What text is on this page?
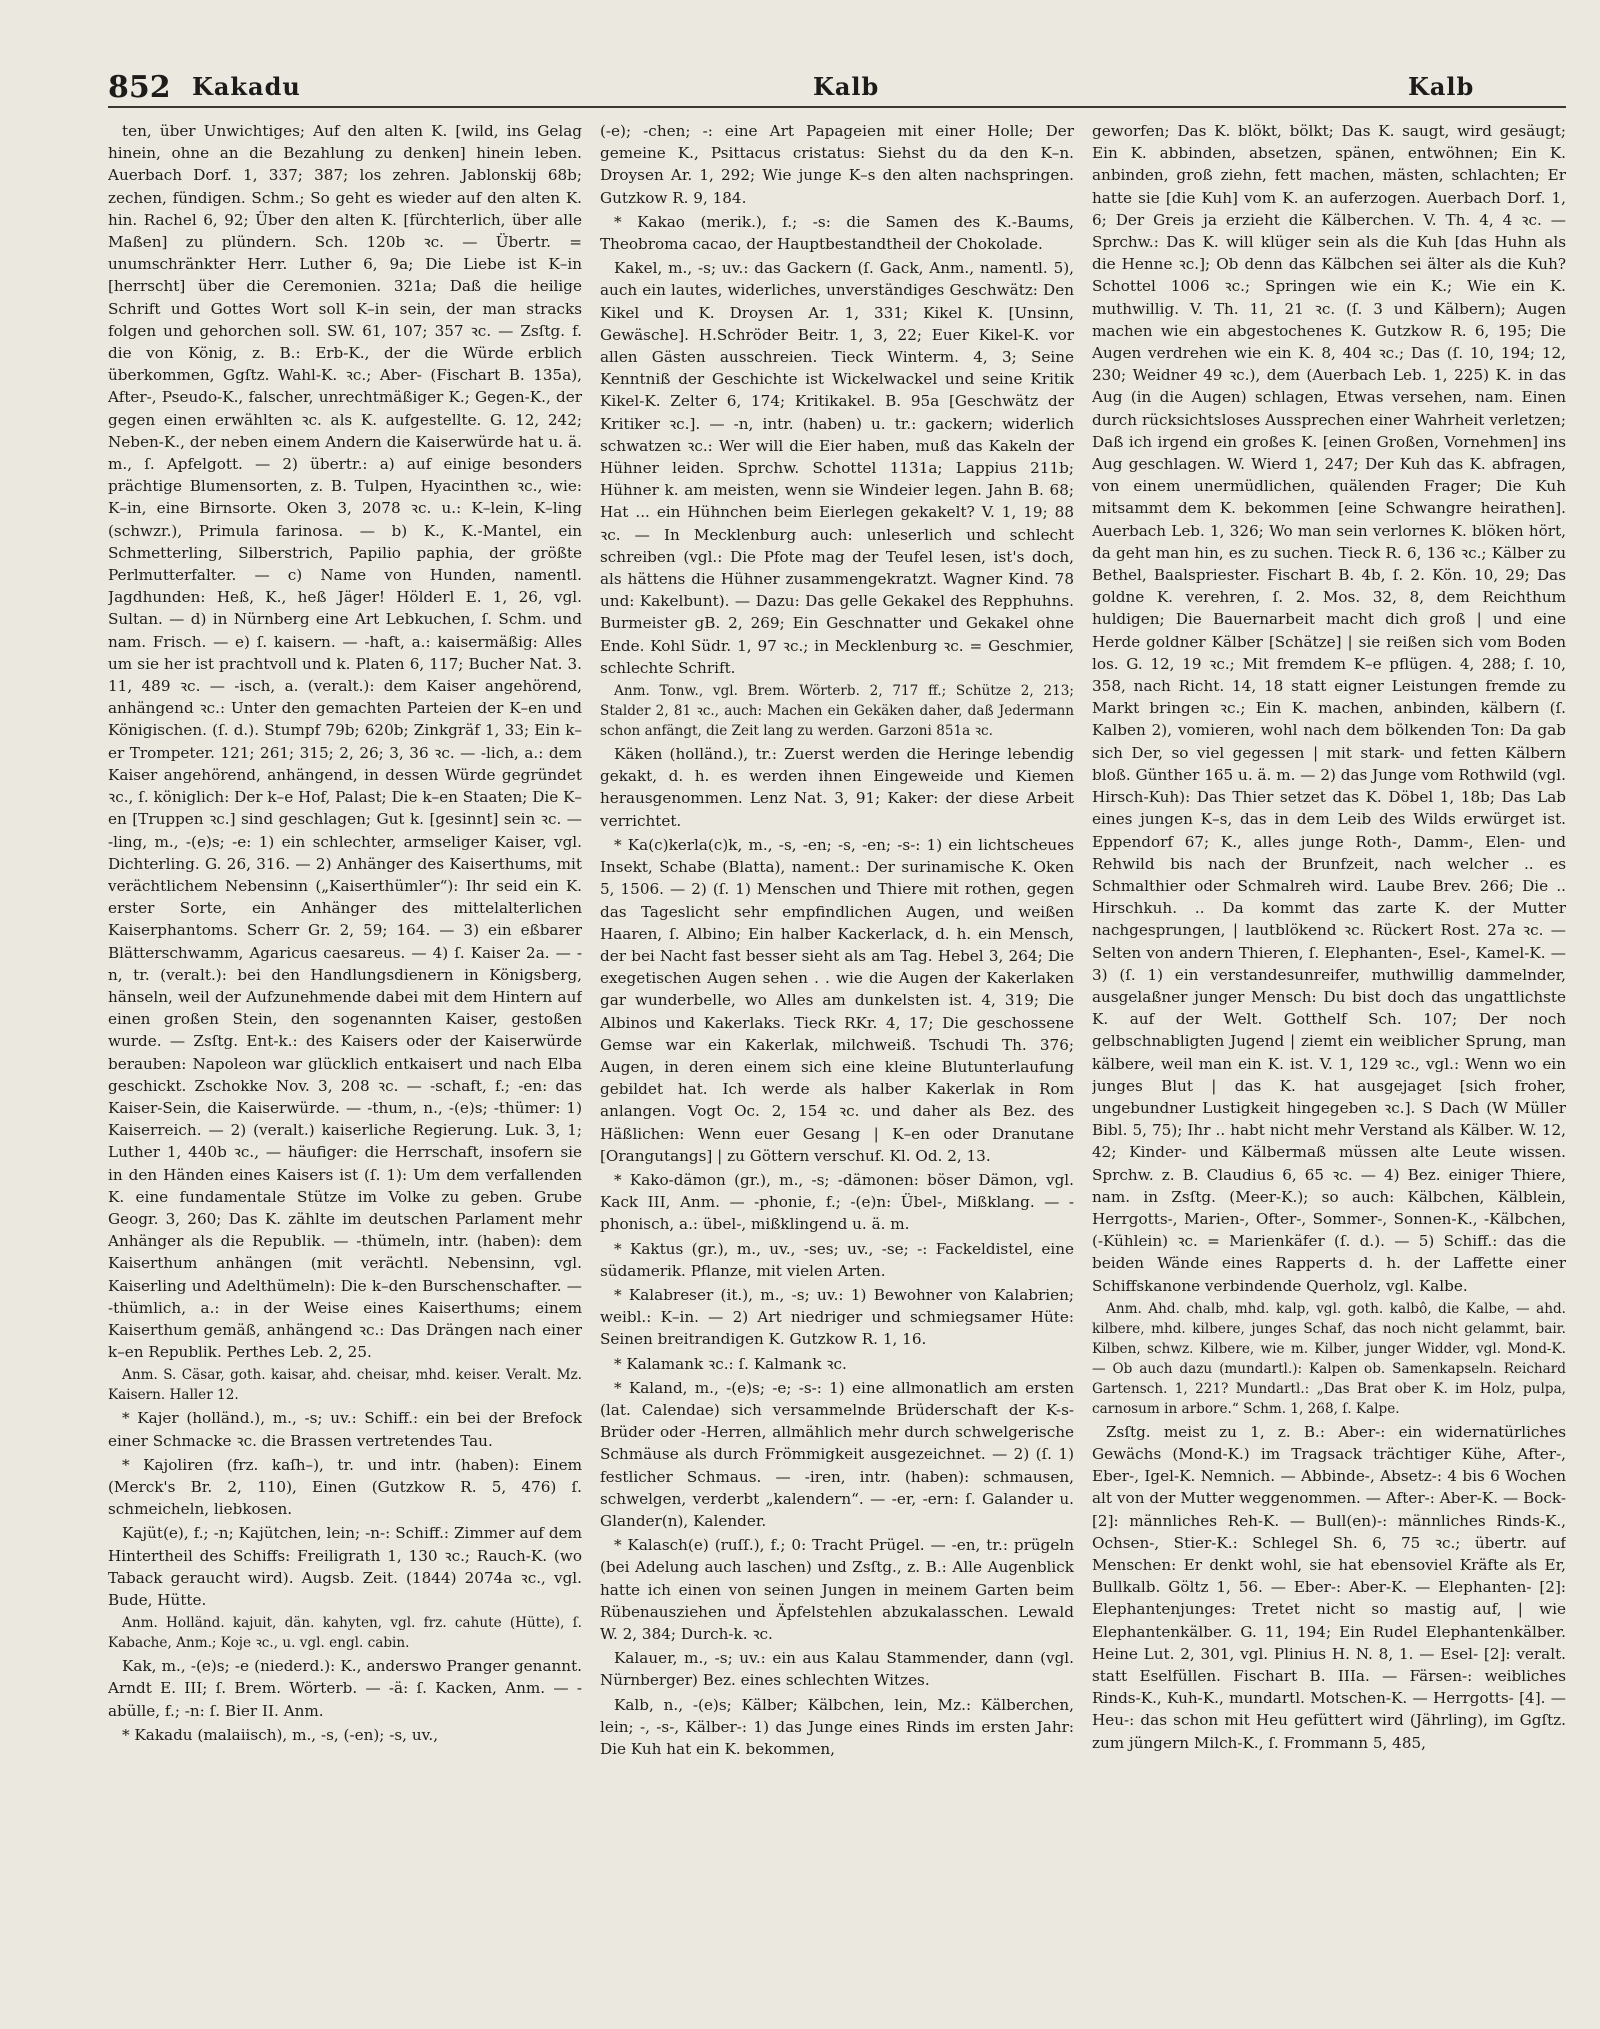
852 Kakadu	Kalb	Kalb

ten, über Unwichtiges; Auf den alten K. [wild, ins Gelag hinein, ohne an die Bezahlung zu denken] hinein leben. Auerbach Dorf. 1, 337; 387; los zehren. Jablonskij 68b; zechen, fündigen. Schm.; So geht es wieder auf den alten K. hin. Rachel 6, 92; Über den alten K. [fürchterlich, über alle Maßen] zu plündern. Sch. 120b ꝛc. — Übertr. = unumschränkter Herr. Luther 6, 9a; Die Liebe ist K–in [herrscht] über die Ceremonien. 321a; Daß die heilige Schrift und Gottes Wort soll K–in sein, der man stracks folgen und gehorchen soll. SW. 61, 107; 357 ꝛc. — Zsſtg. f. die von König, z. B.: Erb-K., der die Würde erblich überkommen, Ggſtz. Wahl-K. ꝛc.; Aber- (Fischart B. 135a), After-, Pseudo-K., falscher, unrechtmäßiger K.; Gegen-K., der gegen einen erwählten ꝛc. als K. aufgestellte. G. 12, 242; Neben-K., der neben einem Andern die Kaiserwürde hat u. ä. m., ſ. Apfelgott. — 2) übertr.: a) auf einige besonders prächtige Blumensorten, z. B. Tulpen, Hyacinthen ꝛc., wie: K–in, eine Birnsorte. Oken 3, 2078 ꝛc. u.: K–lein, K–ling (schwzr.), Primula farinosa. — b) K., K.-Mantel, ein Schmetterling, Silberstrich, Papilio paphia, der größte Perlmutterfalter. — c) Name von Hunden, namentl. Jagdhunden: Heß, K., heß Jäger! Hölderl E. 1, 26, vgl. Sultan. — d) in Nürnberg eine Art Lebkuchen, ſ. Schm. und nam. Frisch. — e) ſ. kaisern. — -haft, a.: kaisermäßig: Alles um sie her ist prachtvoll und k. Platen 6, 117; Bucher Nat. 3. 11, 489 ꝛc. — -isch, a. (veralt.): dem Kaiser angehörend, anhängend ꝛc.: Unter den gemachten Parteien der K–en und Königischen. (ſ. d.). Stumpf 79b; 620b; Zinkgräf 1, 33; Ein k–er Trompeter. 121; 261; 315; 2, 26; 3, 36 ꝛc. — -lich, a.: dem Kaiser angehörend, anhängend, in dessen Würde gegründet ꝛc., ſ. königlich: Der k–e Hof, Palast; Die k–en Staaten; Die K–en [Truppen ꝛc.] sind geschlagen; Gut k. [gesinnt] sein ꝛc. — -ling, m., -(e)s; -e: 1) ein schlechter, armseliger Kaiser, vgl. Dichterling. G. 26, 316. — 2) Anhänger des Kaiserthums, mit verächtlichem Nebensinn („Kaiserthümler“): Ihr seid ein K. erster Sorte, ein Anhänger des mittelalterlichen Kaiserphantoms. Scherr Gr. 2, 59; 164. — 3) ein eßbarer Blätterschwamm, Agaricus caesareus. — 4) ſ. Kaiser 2a. — -n, tr. (veralt.): bei den Handlungsdienern in Königsberg, hänseln, weil der Aufzunehmende dabei mit dem Hintern auf einen großen Stein, den sogenannten Kaiser, gestoßen wurde. — Zsſtg. Ent-k.: des Kaisers oder der Kaiserwürde berauben: Napoleon war glücklich entkaisert und nach Elba geschickt. Zschokke Nov. 3, 208 ꝛc. — -schaft, f.; -en: das Kaiser-Sein, die Kaiserwürde. — -thum, n., -(e)s; -thümer: 1) Kaiserreich. — 2) (veralt.) kaiserliche Regierung. Luk. 3, 1; Luther 1, 440b ꝛc., — häufiger: die Herrschaft, insofern sie in den Händen eines Kaisers ist (ſ. 1): Um dem verfallenden K. eine fundamentale Stütze im Volke zu geben. Grube Geogr. 3, 260; Das K. zählte im deutschen Parlament mehr Anhänger als die Republik. — -thümeln, intr. (haben): dem Kaiserthum anhängen (mit verächtl. Nebensinn, vgl. Kaiserling und Adelthümeln): Die k–den Burschenschafter. — -thümlich, a.: in der Weise eines Kaiserthums; einem Kaiserthum gemäß, anhängend ꝛc.: Das Drängen nach einer k–en Republik. Perthes Leb. 2, 25.

Anm. S. Cäsar, goth. kaisar, ahd. cheisar, mhd. keiser. Veralt. Mz. Kaisern. Haller 12.

* Kajer (holländ.), m., -s; uv.: Schiff.: ein bei der Brefock einer Schmacke ꝛc. die Brassen vertretendes Tau.

* Kajoliren (frz. kaſh–), tr. und intr. (haben): Einem (Merck's Br. 2, 110), Einen (Gutzkow R. 5, 476) ſ. schmeicheln, liebkosen.

Kajüt(e), f.; -n; Kajütchen, lein; -n-: Schiff.: Zimmer auf dem Hintertheil des Schiffs: Freiligrath 1, 130 ꝛc.; Rauch-K. (wo Taback geraucht wird). Augsb. Zeit. (1844) 2074a ꝛc., vgl. Bude, Hütte.

Anm. Holländ. kajuit, dän. kahyten, vgl. frz. cahute (Hütte), ſ. Kabache, Anm.; Koje ꝛc., u. vgl. engl. cabin.

Kak, m., -(e)s; -e (niederd.): K., anderswo Pranger genannt. Arndt E. III; ſ. Brem. Wörterb. — -ä: ſ. Kacken, Anm. — -abülle, f.; -n: ſ. Bier II. Anm.

* Kakadu (malaiisch), m., -s, (-en); -s, uv.,

(-e); -chen; -: eine Art Papageien mit einer Holle; Der gemeine K., Psittacus cristatus: Siehst du da den K–n. Droysen Ar. 1, 292; Wie junge K–s den alten nachspringen. Gutzkow R. 9, 184.

* Kakao (merik.), f.; -s: die Samen des K.-Baums, Theobroma cacao, der Hauptbestandtheil der Chokolade.

Kakel, m., -s; uv.: das Gackern (ſ. Gack, Anm., namentl. 5), auch ein lautes, widerliches, unverständiges Geschwätz: Den Kikel und K. Droysen Ar. 1, 331; Kikel K. [Unsinn, Gewäsche]. H.Schröder Beitr. 1, 3, 22; Euer Kikel-K. vor allen Gästen ausschreien. Tieck Winterm. 4, 3; Seine Kenntniß der Geschichte ist Wickelwackel und seine Kritik Kikel-K. Zelter 6, 174; Kritikakel. B. 95a [Geschwätz der Kritiker ꝛc.]. — -n, intr. (haben) u. tr.: gackern; widerlich schwatzen ꝛc.: Wer will die Eier haben, muß das Kakeln der Hühner leiden. Sprchw. Schottel 1131a; Lappius 211b; Hühner k. am meisten, wenn sie Windeier legen. Jahn B. 68; Hat ... ein Hühnchen beim Eierlegen gekakelt? V. 1, 19; 88 ꝛc. — In Mecklenburg auch: unleserlich und schlecht schreiben (vgl.: Die Pfote mag der Teufel lesen, ist's doch, als hättens die Hühner zusammengekratzt. Wagner Kind. 78 und: Kakelbunt). — Dazu: Das gelle Gekakel des Repphuhns. Burmeister gB. 2, 269; Ein Geschnatter und Gekakel ohne Ende. Kohl Südr. 1, 97 ꝛc.; in Mecklenburg ꝛc. = Geschmier, schlechte Schrift.

Anm. Tonw., vgl. Brem. Wörterb. 2, 717 ff.; Schütze 2, 213; Stalder 2, 81 ꝛc., auch: Machen ein Gekäken daher, daß Jedermann schon anfängt, die Zeit lang zu werden. Garzoni 851a ꝛc.

Käken (holländ.), tr.: Zuerst werden die Heringe lebendig gekakt, d. h. es werden ihnen Eingeweide und Kiemen herausgenommen. Lenz Nat. 3, 91; Kaker: der diese Arbeit verrichtet.

* Ka(c)kerla(c)k, m., -s, -en; -s, -en; -s-: 1) ein lichtscheues Insekt, Schabe (Blatta), nament.: Der surinamische K. Oken 5, 1506. — 2) (ſ. 1) Menschen und Thiere mit rothen, gegen das Tageslicht sehr empfindlichen Augen, und weißen Haaren, ſ. Albino; Ein halber Kackerlack, d. h. ein Mensch, der bei Nacht fast besser sieht als am Tag. Hebel 3, 264; Die exegetischen Augen sehen . . wie die Augen der Kakerlaken gar wunderbelle, wo Alles am dunkelsten ist. 4, 319; Die Albinos und Kakerlaks. Tieck RKr. 4, 17; Die geschossene Gemse war ein Kakerlak, milchweiß. Tschudi Th. 376; Augen, in deren einem sich eine kleine Blutunterlaufung gebildet hat. Ich werde als halber Kakerlak in Rom anlangen. Vogt Oc. 2, 154 ꝛc. und daher als Bez. des Häßlichen: Wenn euer Gesang | K–en oder Dranutane [Orangutangs] | zu Göttern verschuf. Kl. Od. 2, 13.

* Kako-dämon (gr.), m., -s; -dämonen: böser Dämon, vgl. Kack III, Anm. — -phonie, f.; -(e)n: Übel-, Mißklang. — -phonisch, a.: übel-, mißklingend u. ä. m.

* Kaktus (gr.), m., uv., -ses; uv., -se; -: Fackeldistel, eine südamerik. Pflanze, mit vielen Arten.

* Kalabreser (it.), m., -s; uv.: 1) Bewohner von Kalabrien; weibl.: K–in. — 2) Art niedriger und schmiegsamer Hüte: Seinen breitrandigen K. Gutzkow R. 1, 16.

* Kalamank ꝛc.: ſ. Kalmank ꝛc.

* Kaland, m., -(e)s; -e; -s-: 1) eine allmonatlich am ersten (lat. Calendae) sich versammelnde Brüderschaft der K-s-Brüder oder -Herren, allmählich mehr durch schwelgerische Schmäuse als durch Frömmigkeit ausgezeichnet. — 2) (ſ. 1) festlicher Schmaus. — -iren, intr. (haben): schmausen, schwelgen, verderbt „kalendern“. — -er, -ern: ſ. Galander u. Glander(n), Kalender.

* Kalasch(e) (ruſſ.), f.; 0: Tracht Prügel. — -en, tr.: prügeln (bei Adelung auch laschen) und Zsſtg., z. B.: Alle Augenblick hatte ich einen von seinen Jungen in meinem Garten beim Rübenausziehen und Äpfelstehlen abzukalasschen. Lewald W. 2, 384; Durch-k. ꝛc.

Kalauer, m., -s; uv.: ein aus Kalau Stammender, dann (vgl. Nürnberger) Bez. eines schlechten Witzes.

Kalb, n., -(e)s; Kälber; Kälbchen, lein, Mz.: Kälberchen, lein; -, -s-, Kälber-: 1) das Junge eines Rinds im ersten Jahr: Die Kuh hat ein K. bekommen,

geworfen; Das K. blökt, bölkt; Das K. saugt, wird gesäugt; Ein K. abbinden, absetzen, spänen, entwöhnen; Ein K. anbinden, groß ziehn, fett machen, mästen, schlachten; Er hatte sie [die Kuh] vom K. an auferzogen. Auerbach Dorf. 1, 6; Der Greis ja erzieht die Kälberchen. V. Th. 4, 4 ꝛc. — Sprchw.: Das K. will klüger sein als die Kuh [das Huhn als die Henne ꝛc.]; Ob denn das Kälbchen sei älter als die Kuh? Schottel 1006 ꝛc.; Springen wie ein K.; Wie ein K. muthwillig. V. Th. 11, 21 ꝛc. (ſ. 3 und Kälbern); Augen machen wie ein abgestochenes K. Gutzkow R. 6, 195; Die Augen verdrehen wie ein K. 8, 404 ꝛc.; Das (ſ. 10, 194; 12, 230; Weidner 49 ꝛc.), dem (Auerbach Leb. 1, 225) K. in das Aug (in die Augen) schlagen, Etwas versehen, nam. Einen durch rücksichtsloses Aussprechen einer Wahrheit verletzen; Daß ich irgend ein großes K. [einen Großen, Vornehmen] ins Aug geschlagen. W. Wierd 1, 247; Der Kuh das K. abfragen, von einem unermüdlichen, quälenden Frager; Die Kuh mitsammt dem K. bekommen [eine Schwangre heirathen]. Auerbach Leb. 1, 326; Wo man sein verlornes K. blöken hört, da geht man hin, es zu suchen. Tieck R. 6, 136 ꝛc.; Kälber zu Bethel, Baalspriester. Fischart B. 4b, ſ. 2. Kön. 10, 29; Das goldne K. verehren, ſ. 2. Mos. 32, 8, dem Reichthum huldigen; Die Bauernarbeit macht dich groß | und eine Herde goldner Kälber [Schätze] | sie reißen sich vom Boden los. G. 12, 19 ꝛc.; Mit fremdem K–e pflügen. 4, 288; ſ. 10, 358, nach Richt. 14, 18 statt eigner Leistungen fremde zu Markt bringen ꝛc.; Ein K. machen, anbinden, kälbern (ſ. Kalben 2), vomieren, wohl nach dem bölkenden Ton: Da gab sich Der, so viel gegessen | mit stark- und fetten Kälbern bloß. Günther 165 u. ä. m. — 2) das Junge vom Rothwild (vgl. Hirsch-Kuh): Das Thier setzet das K. Döbel 1, 18b; Das Lab eines jungen K–s, das in dem Leib des Wilds erwürget ist. Eppendorf 67; K., alles junge Roth-, Damm-, Elen- und Rehwild bis nach der Brunfzeit, nach welcher .. es Schmalthier oder Schmalreh wird. Laube Brev. 266; Die .. Hirschkuh. .. Da kommt das zarte K. der Mutter nachgesprungen, | lautblökend ꝛc. Rückert Rost. 27a ꝛc. — Selten von andern Thieren, ſ. Elephanten-, Esel-, Kamel-K. — 3) (ſ. 1) ein verstandesunreifer, muthwillig dammelnder, ausgelaßner junger Mensch: Du bist doch das ungattlichste K. auf der Welt. Gotthelf Sch. 107; Der noch gelbschnabligten Jugend | ziemt ein weiblicher Sprung, man kälbere, weil man ein K. ist. V. 1, 129 ꝛc., vgl.: Wenn wo ein junges Blut | das K. hat ausgejaget [sich froher, ungebundner Lustigkeit hingegeben ꝛc.]. S Dach (W Müller Bibl. 5, 75); Ihr .. habt nicht mehr Verstand als Kälber. W. 12, 42; Kinder- und Kälbermaß müssen alte Leute wissen. Sprchw. z. B. Claudius 6, 65 ꝛc. — 4) Bez. einiger Thiere, nam. in Zsſtg. (Meer-K.); so auch: Kälbchen, Kälblein, Herrgotts-, Marien-, Ofter-, Sommer-, Sonnen-K., -Kälbchen, (-Kühlein) ꝛc. = Marienkäfer (ſ. d.). — 5) Schiff.: das die beiden Wände eines Rapperts d. h. der Laffette einer Schiffskanone verbindende Querholz, vgl. Kalbe.

Anm. Ahd. chalb, mhd. kalp, vgl. goth. kalbô, die Kalbe, — ahd. kilbere, mhd. kilbere, junges Schaf, das noch nicht gelammt, bair. Kilben, schwz. Kilbere, wie m. Kilber, junger Widder, vgl. Mond-K. — Ob auch dazu (mundartl.): Kalpen ob. Samenkapseln. Reichard Gartensch. 1, 221? Mundartl.: „Das Brat ober K. im Holz, pulpa, carnosum in arbore.“ Schm. 1, 268, ſ. Kalpe.

Zsſtg. meist zu 1, z. B.: Aber-: ein widernatürliches Gewächs (Mond-K.) im Tragsack trächtiger Kühe, After-, Eber-, Igel-K. Nemnich. — Abbinde-, Absetz-: 4 bis 6 Wochen alt von der Mutter weggenommen. — After-: Aber-K. — Bock- [2]: männliches Reh-K. — Bull(en)-: männliches Rinds-K., Ochsen-, Stier-K.: Schlegel Sh. 6, 75 ꝛc.; übertr. auf Menschen: Er denkt wohl, sie hat ebensoviel Kräfte als Er, Bullkalb. Göltz 1, 56. — Eber-: Aber-K. — Elephanten- [2]: Elephantenjunges: Tretet nicht so mastig auf, | wie Elephantenkälber. G. 11, 194; Ein Rudel Elephantenkälber. Heine Lut. 2, 301, vgl. Plinius H. N. 8, 1. — Esel- [2]: veralt. statt Eselfüllen. Fischart B. IIIa. — Färsen-: weibliches Rinds-K., Kuh-K., mundartl. Motschen-K. — Herrgotts- [4]. — Heu-: das schon mit Heu gefüttert wird (Jährling), im Ggſtz. zum jüngern Milch-K., ſ. Frommann 5, 485,
